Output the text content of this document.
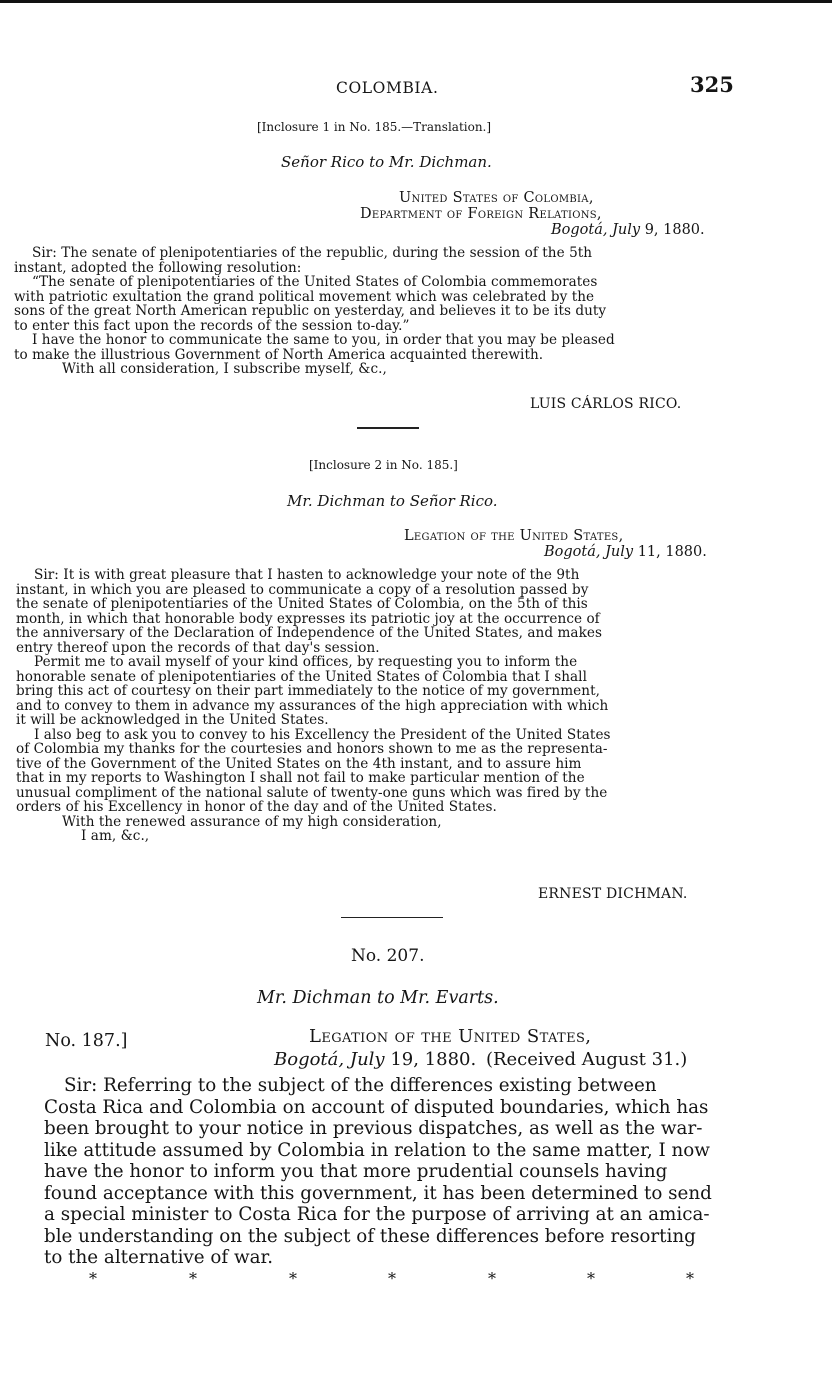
COLOMBIA.	325
[Inclosure 1 in No. 185.—Translation.]
Señor Rico to Mr. Dichman.
United States of Colombia,
Department of Foreign Relations,
Bogotá, July 9, 1880.
Sir: The senate of plenipotentiaries of the republic, during the session of the 5th
instant, adopted the following resolution:
“The senate of plenipotentiaries of the United States of Colombia commemorates
with patriotic exultation the grand political movement which was celebrated by the
sons of the great North American republic on yesterday, and believes it to be its duty
to enter this fact upon the records of the session to-day.”
I have the honor to communicate the same to you, in order that you may be pleased
to make the illustrious Government of North America acquainted therewith.
With all consideration, I subscribe myself, &c.,
LUIS CÁRLOS RICO.
[Inclosure 2 in No. 185.]
Mr. Dichman to Señor Rico.
Legation of the United States,
Bogotá, July 11, 1880.
Sir: It is with great pleasure that I hasten to acknowledge your note of the 9th
instant, in which you are pleased to communicate a copy of a resolution passed by
the senate of plenipotentiaries of the United States of Colombia, on the 5th of this
month, in which that honorable body expresses its patriotic joy at the occurrence of
the anniversary of the Declaration of Independence of the United States, and makes
entry thereof upon the records of that day's session.
Permit me to avail myself of your kind offices, by requesting you to inform the
honorable senate of plenipotentiaries of the United States of Colombia that I shall
bring this act of courtesy on their part immediately to the notice of my government,
and to convey to them in advance my assurances of the high appreciation with which
it will be acknowledged in the United States.
I also beg to ask you to convey to his Excellency the President of the United States
of Colombia my thanks for the courtesies and honors shown to me as the representa-
tive of the Government of the United States on the 4th instant, and to assure him
that in my reports to Washington I shall not fail to make particular mention of the
unusual compliment of the national salute of twenty-one guns which was fired by the
orders of his Excellency in honor of the day and of the United States.
With the renewed assurance of my high consideration,
I am, &c.,
ERNEST DICHMAN.
No. 207.
Mr. Dichman to Mr. Evarts.
No. 187.]	Legation of the United States,
Bogotá, July 19, 1880. (Received August 31.)
Sir: Referring to the subject of the differences existing between
Costa Rica and Colombia on account of disputed boundaries, which has
been brought to your notice in previous dispatches, as well as the war-
like attitude assumed by Colombia in relation to the same matter, I now
have the honor to inform you that more prudential counsels having
found acceptance with this government, it has been determined to send
a special minister to Costa Rica for the purpose of arriving at an amica-
ble understanding on the subject of these differences before resorting
to the alternative of war.
*	*	*	*	*	*	*
